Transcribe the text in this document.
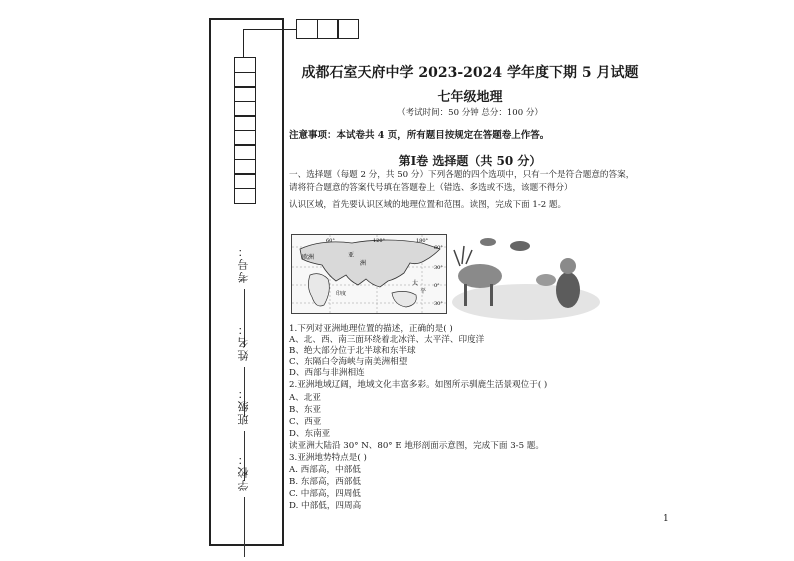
考号：
姓名：
班级：
学校：
成都石室天府中学 2023-2024 学年度下期 5 月试题
七年级地理
（考试时间：50 分钟 总分：100 分）
注意事项：本试卷共 4 页，所有题目按规定在答题卷上作答。
第Ⅰ卷 选择题（共 50 分）
一、选择题（每题 2 分，共 50 分）下列各题的四个选项中，只有一个是符合题意的答案，
请将符合题意的答案代号填在答题卷上（错选、多选或不选，该题不得分）
认识区域，首先要认识区域的地理位置和范围。读图，完成下面 1-2 题。
60°	120°	180°
60°
30°
0°
30°
欧洲	亚
洲
太
平
印度
1.下列对亚洲地理位置的描述，正确的是( )
A、北、西、南三面环绕着北冰洋、太平洋、印度洋
B、绝大部分位于北半球和东半球
C、东隔白令海峡与南美洲相望
D、西部与非洲相连
2.亚洲地域辽阔，地域文化丰富多彩。如图所示驯鹿生活景观位于( )
A、北亚
B、东亚
C、西亚
D、东南亚
读亚洲大陆沿 30° N、80° E 地形剖面示意图，完成下面 3-5 题。
3.亚洲地势特点是( )
A. 西部高，中部低
B. 东部高，西部低
C. 中部高，四周低
D. 中部低，四周高
1
